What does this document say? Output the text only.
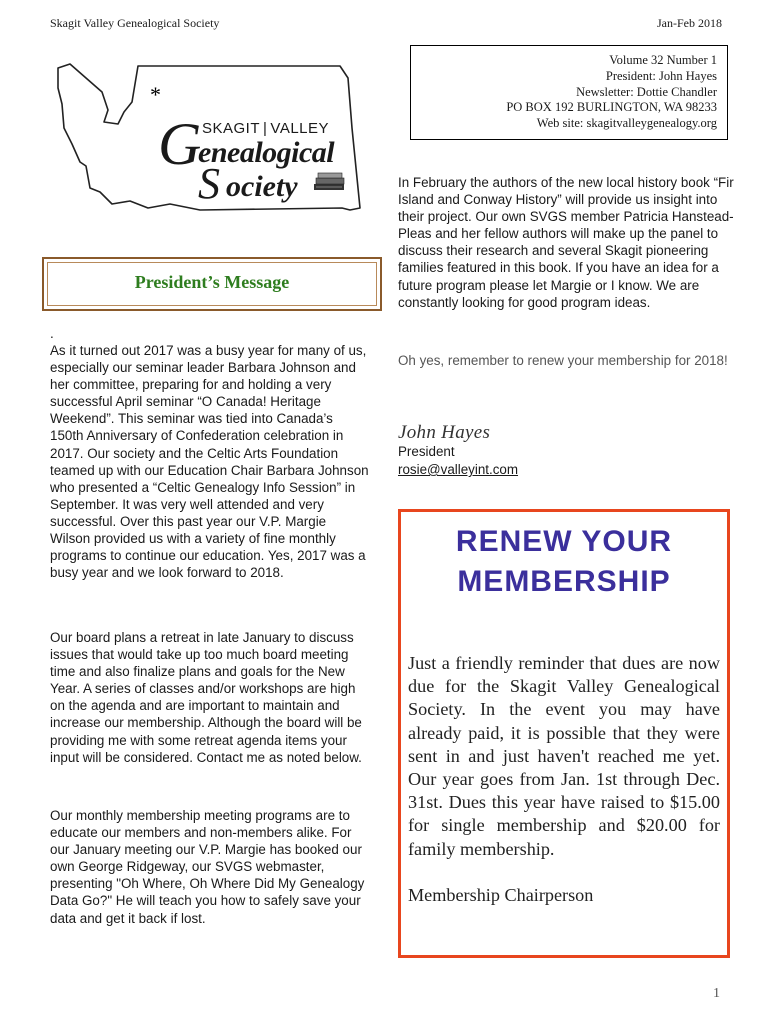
Skagit Valley Genealogical Society	Jan-Feb 2018
Volume 32 Number 1
President: John Hayes
Newsletter: Dottie Chandler
PO BOX 192 BURLINGTON, WA 98233
Web site: skagitvalleygenealogy.org
*
G SKAGIT | VALLEY
enealogical
S ociety
President’s Message
.
As it turned out 2017 was a busy year for many of us, especially our seminar leader Barbara Johnson and her committee, preparing for and holding a very successful April seminar “O Canada! Heritage Weekend”. This seminar was tied into Canada’s 150th Anniversary of Confederation celebration in 2017. Our society and the Celtic Arts Foundation teamed up with our Education Chair Barbara Johnson who presented a “Celtic Genealogy Info Session” in September. It was very well attended and very successful. Over this past year our V.P. Margie Wilson provided us with a variety of fine monthly programs to continue our education. Yes, 2017 was a busy year and we look forward to 2018.
Our board plans a retreat in late January to discuss issues that would take up too much board meeting time and also finalize plans and goals for the New Year. A series of classes and/or workshops are high on the agenda and are important to maintain and increase our membership. Although the board will be providing me with some retreat agenda items your input will be considered. Contact me as noted below.
Our monthly membership meeting programs are to educate our members and non-members alike. For our January meeting our V.P. Margie has booked our own George Ridgeway, our SVGS webmaster, presenting "Oh Where, Oh Where Did My Genealogy Data Go?" He will teach you how to safely save your data and get it back if lost.
In February the authors of the new local history book “Fir Island and Conway History” will provide us insight into their project. Our own SVGS member Patricia Hanstead-Pleas and her fellow authors will make up the panel to discuss their research and several Skagit pioneering families featured in this book. If you have an idea for a future program please let Margie or I know. We are constantly looking for good program ideas.
Oh yes, remember to renew your membership for 2018!
John Hayes
President
rosie@valleyint.com
RENEW YOUR
MEMBERSHIP
Just a friendly reminder that dues are now due for the Skagit Valley Genealogical Society. In the event you may have already paid, it is possible that they were sent in and just haven't reached me yet. Our year goes from Jan. 1st through Dec. 31st. Dues this year have raised to $15.00 for single membership and $20.00 for family membership.
Membership Chairperson
1
